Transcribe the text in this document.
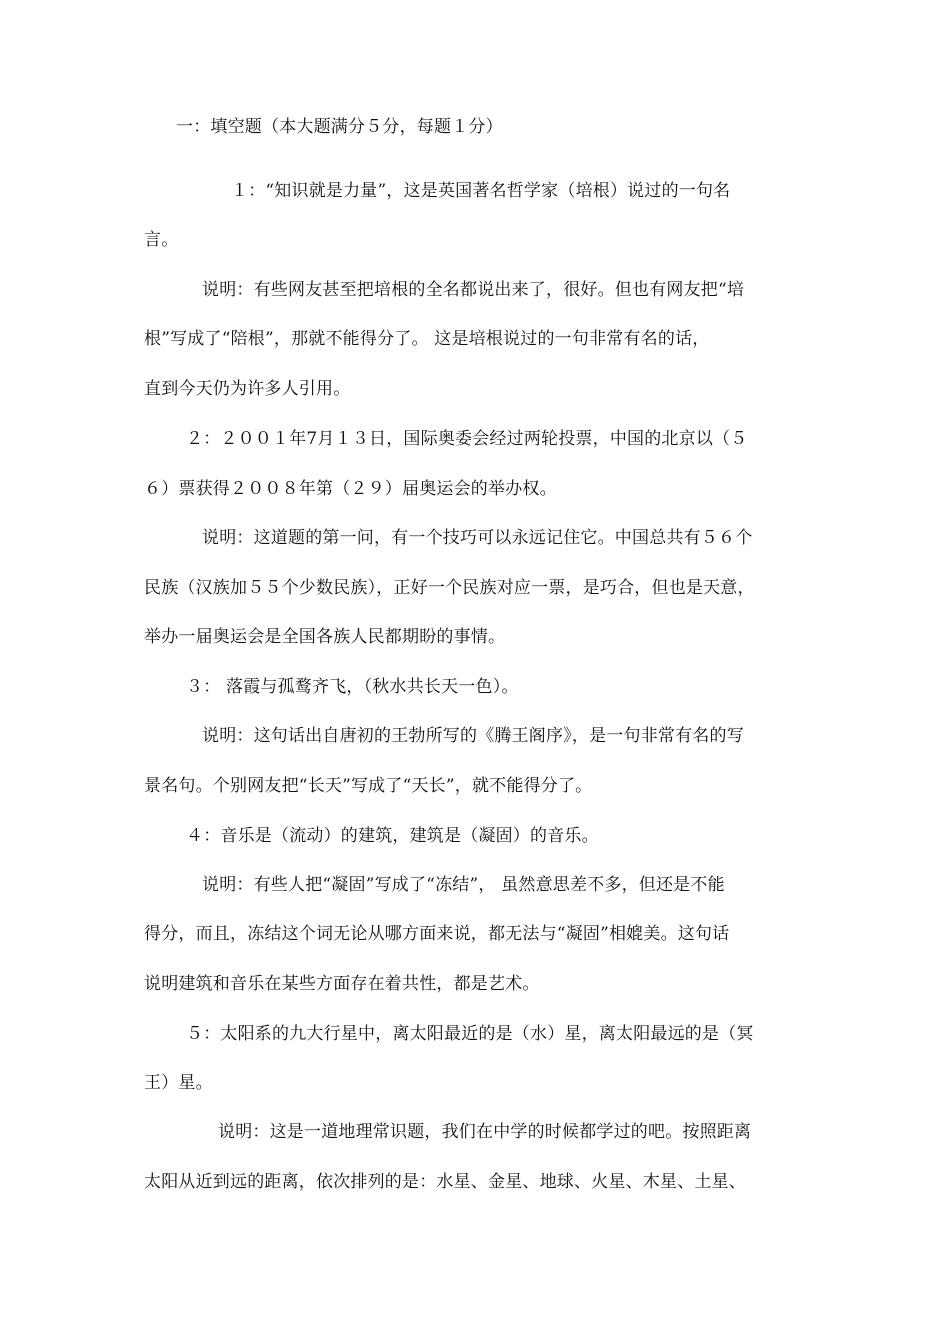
一：填空题（本大题满分５分，每题１分）
１：“知识就是力量”，这是英国著名哲学家（培根）说过的一句名
言。
说明：有些网友甚至把培根的全名都说出来了，很好。但也有网友把“培
根”写成了“陪根”，那就不能得分了。 这是培根说过的一句非常有名的话，
直到今天仍为许多人引用。
２：２００１年7月１３日，国际奥委会经过两轮投票，中国的北京以（５
６）票获得２００８年第（２９）届奥运会的举办权。
说明：这道题的第一问，有一个技巧可以永远记住它。中国总共有５６个
民族（汉族加５５个少数民族），正好一个民族对应一票，是巧合，但也是天意，
举办一届奥运会是全国各族人民都期盼的事情。
３： 落霞与孤鹜齐飞，（秋水共长天一色）。
说明：这句话出自唐初的王勃所写的《腾王阁序》，是一句非常有名的写
景名句。个别网友把“长天”写成了“天长”，就不能得分了。
４：音乐是（流动）的建筑，建筑是（凝固）的音乐。
说明：有些人把“凝固”写成了“冻结”， 虽然意思差不多，但还是不能
得分，而且，冻结这个词无论从哪方面来说，都无法与“凝固”相媲美。这句话
说明建筑和音乐在某些方面存在着共性，都是艺术。
５：太阳系的九大行星中，离太阳最近的是（水）星，离太阳最远的是（冥
王）星。
说明：这是一道地理常识题，我们在中学的时候都学过的吧。按照距离
太阳从近到远的距离，依次排列的是：水星、金星、地球、火星、木星、土星、
